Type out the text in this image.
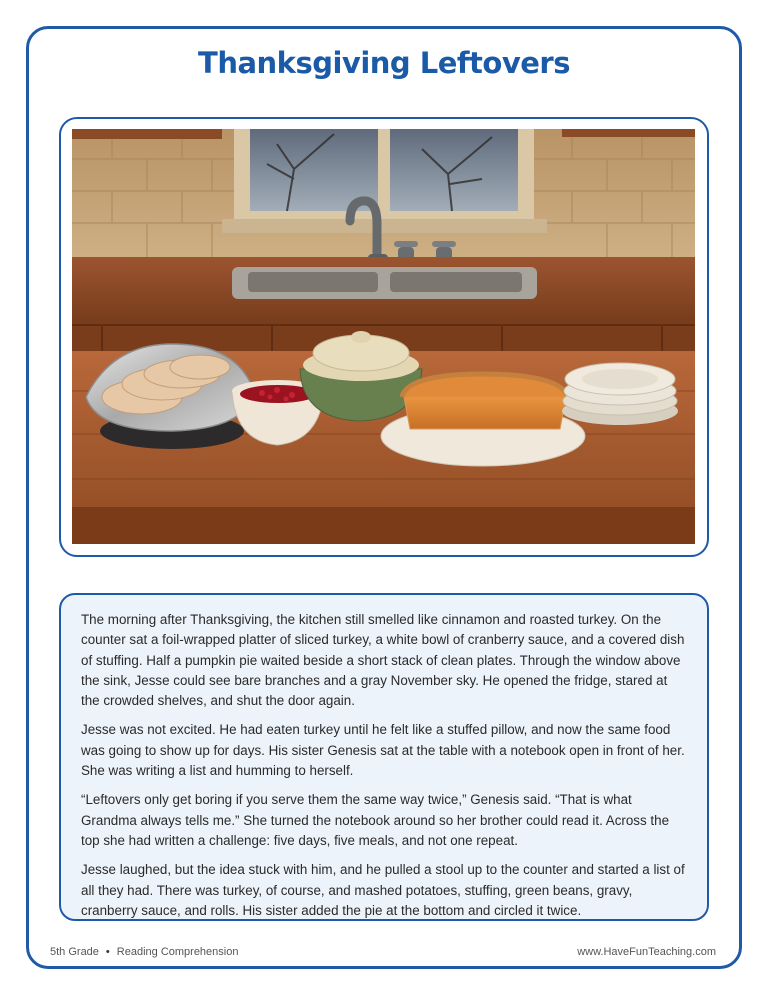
Thanksgiving Leftovers

The morning after Thanksgiving, the kitchen still smelled like cinnamon and roasted turkey. On the counter sat a foil-wrapped platter of sliced turkey, a white bowl of cranberry sauce, and a covered dish of stuffing. Half a pumpkin pie waited beside a short stack of clean plates. Through the window above the sink, Jesse could see bare branches and a gray November sky. He opened the fridge, stared at the crowded shelves, and shut the door again.

Jesse was not excited. He had eaten turkey until he felt like a stuffed pillow, and now the same food was going to show up for days. His sister Genesis sat at the table with a notebook open in front of her. She was writing a list and humming to herself.

“Leftovers only get boring if you serve them the same way twice,” Genesis said. “That is what Grandma always tells me.” She turned the notebook around so her brother could read it. Across the top she had written a challenge: five days, five meals, and not one repeat.

Jesse laughed, but the idea stuck with him, and he pulled a stool up to the counter and started a list of all they had. There was turkey, of course, and mashed potatoes, stuffing, green beans, gravy, cranberry sauce, and rolls. His sister added the pie at the bottom and circled it twice.

5th Grade • Reading Comprehension	www.HaveFunTeaching.com
